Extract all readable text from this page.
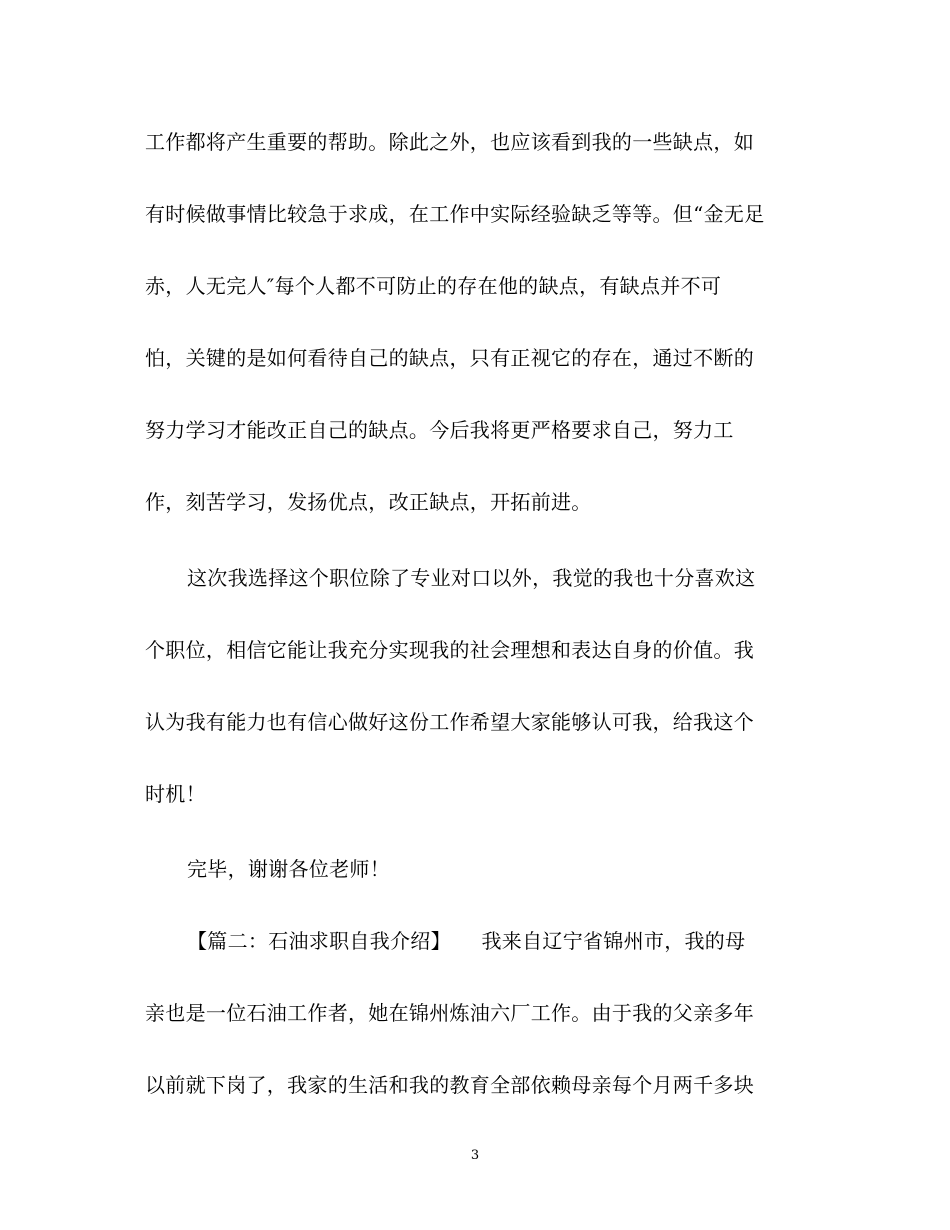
工作都将产生重要的帮助。除此之外，也应该看到我的一些缺点，如
有时候做事情比较急于求成，在工作中实际经验缺乏等等。但“金无足
赤，人无完人″每个人都不可防止的存在他的缺点，有缺点并不可
怕，关键的是如何看待自己的缺点，只有正视它的存在，通过不断的
努力学习才能改正自己的缺点。今后我将更严格要求自己，努力工
作，刻苦学习，发扬优点，改正缺点，开拓前进。
这次我选择这个职位除了专业对口以外，我觉的我也十分喜欢这
个职位，相信它能让我充分实现我的社会理想和表达自身的价值。我
认为我有能力也有信心做好这份工作希望大家能够认可我，给我这个
时机！
完毕，谢谢各位老师！
【篇二：石油求职自我介绍】　　我来自辽宁省锦州市，我的母
亲也是一位石油工作者，她在锦州炼油六厂工作。由于我的父亲多年
以前就下岗了，我家的生活和我的教育全部依赖母亲每个月两千多块
3
